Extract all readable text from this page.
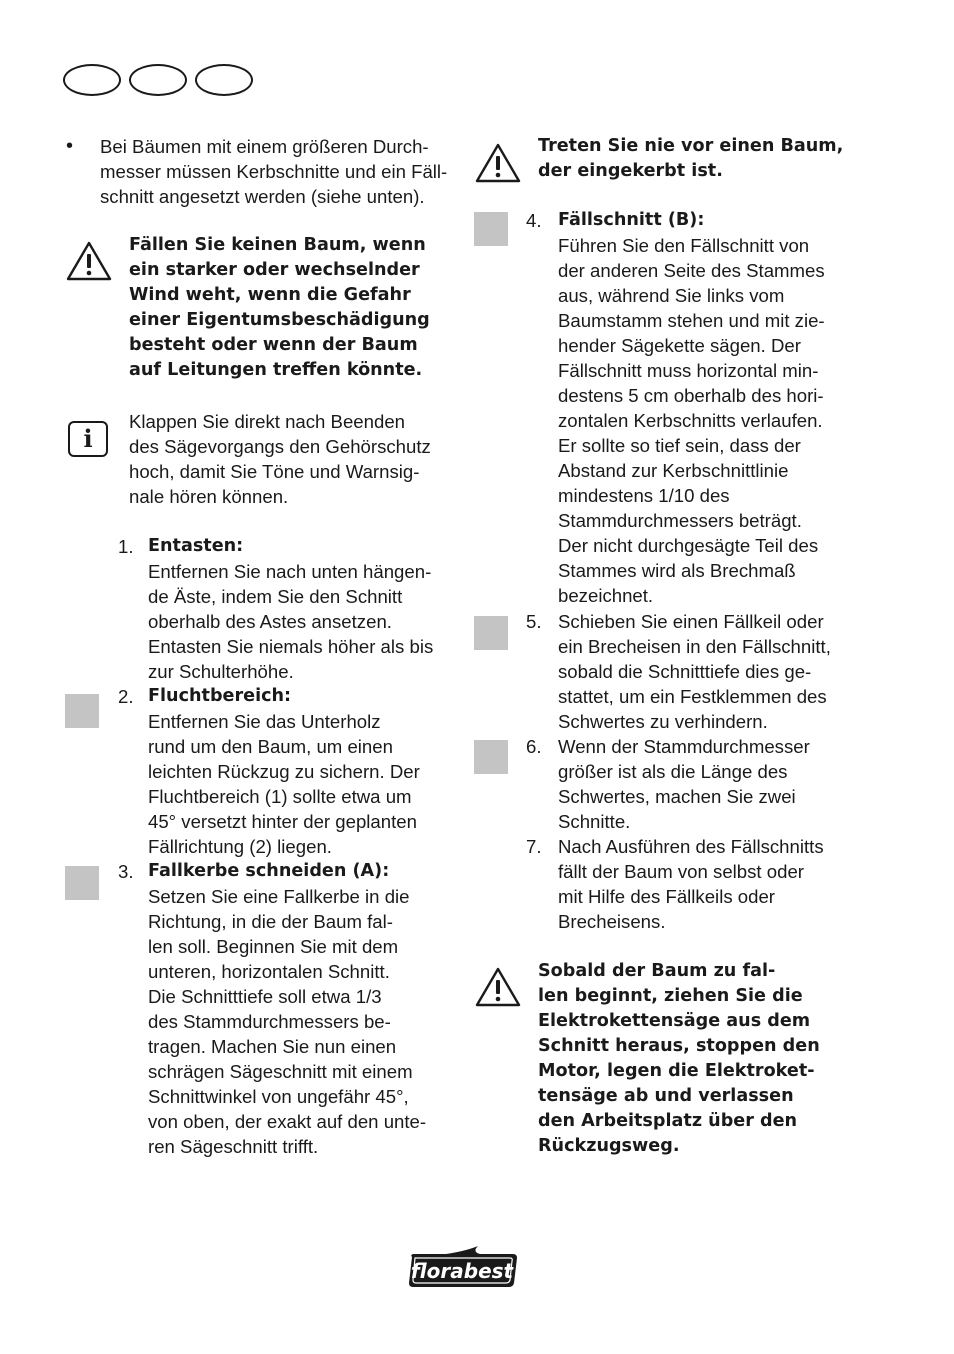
• Bei Bäumen mit einem größeren Durch-
messer müssen Kerbschnitte und ein Fäll-
schnitt angesetzt werden (siehe unten).
Fällen Sie keinen Baum, wenn
ein starker oder wechselnder
Wind weht, wenn die Gefahr
einer Eigentumsbeschädigung
besteht oder wenn der Baum
auf Leitungen treffen könnte.
i
Klappen Sie direkt nach Beenden
des Sägevorgangs den Gehörschutz
hoch, damit Sie Töne und Warnsig-
nale hören können.
1. Entasten:
Entfernen Sie nach unten hängen-
de Äste, indem Sie den Schnitt
oberhalb des Astes ansetzen.
Entasten Sie niemals höher als bis
zur Schulterhöhe.
2. Fluchtbereich:
Entfernen Sie das Unterholz
rund um den Baum, um einen
leichten Rückzug zu sichern. Der
Fluchtbereich (1) sollte etwa um
45° versetzt hinter der geplanten
Fällrichtung (2) liegen.
3. Fallkerbe schneiden (A):
Setzen Sie eine Fallkerbe in die
Richtung, in die der Baum fal-
len soll. Beginnen Sie mit dem
unteren, horizontalen Schnitt.
Die Schnitttiefe soll etwa 1/3
des Stammdurchmessers be-
tragen. Machen Sie nun einen
schrägen Sägeschnitt mit einem
Schnittwinkel von ungefähr 45°,
von oben, der exakt auf den unte-
ren Sägeschnitt trifft.
Treten Sie nie vor einen Baum,
der eingekerbt ist.
4. Fällschnitt (B):
Führen Sie den Fällschnitt von
der anderen Seite des Stammes
aus, während Sie links vom
Baumstamm stehen und mit zie-
hender Sägekette sägen. Der
Fällschnitt muss horizontal min-
destens 5 cm oberhalb des hori-
zontalen Kerbschnitts verlaufen.
Er sollte so tief sein, dass der
Abstand zur Kerbschnittlinie
mindestens 1/10 des
Stammdurchmessers beträgt.
Der nicht durchgesägte Teil des
Stammes wird als Brechmaß
bezeichnet.
5. Schieben Sie einen Fällkeil oder
ein Brecheisen in den Fällschnitt,
sobald die Schnitttiefe dies ge-
stattet, um ein Festklemmen des
Schwertes zu verhindern.
6. Wenn der Stammdurchmesser
größer ist als die Länge des
Schwertes, machen Sie zwei
Schnitte.
7. Nach Ausführen des Fällschnitts
fällt der Baum von selbst oder
mit Hilfe des Fällkeils oder
Brecheisens.
Sobald der Baum zu fal-
len beginnt, ziehen Sie die
Elektrokettensäge aus dem
Schnitt heraus, stoppen den
Motor, legen die Elektroket-
tensäge ab und verlassen
den Arbeitsplatz über den
Rückzugsweg.
florabest
